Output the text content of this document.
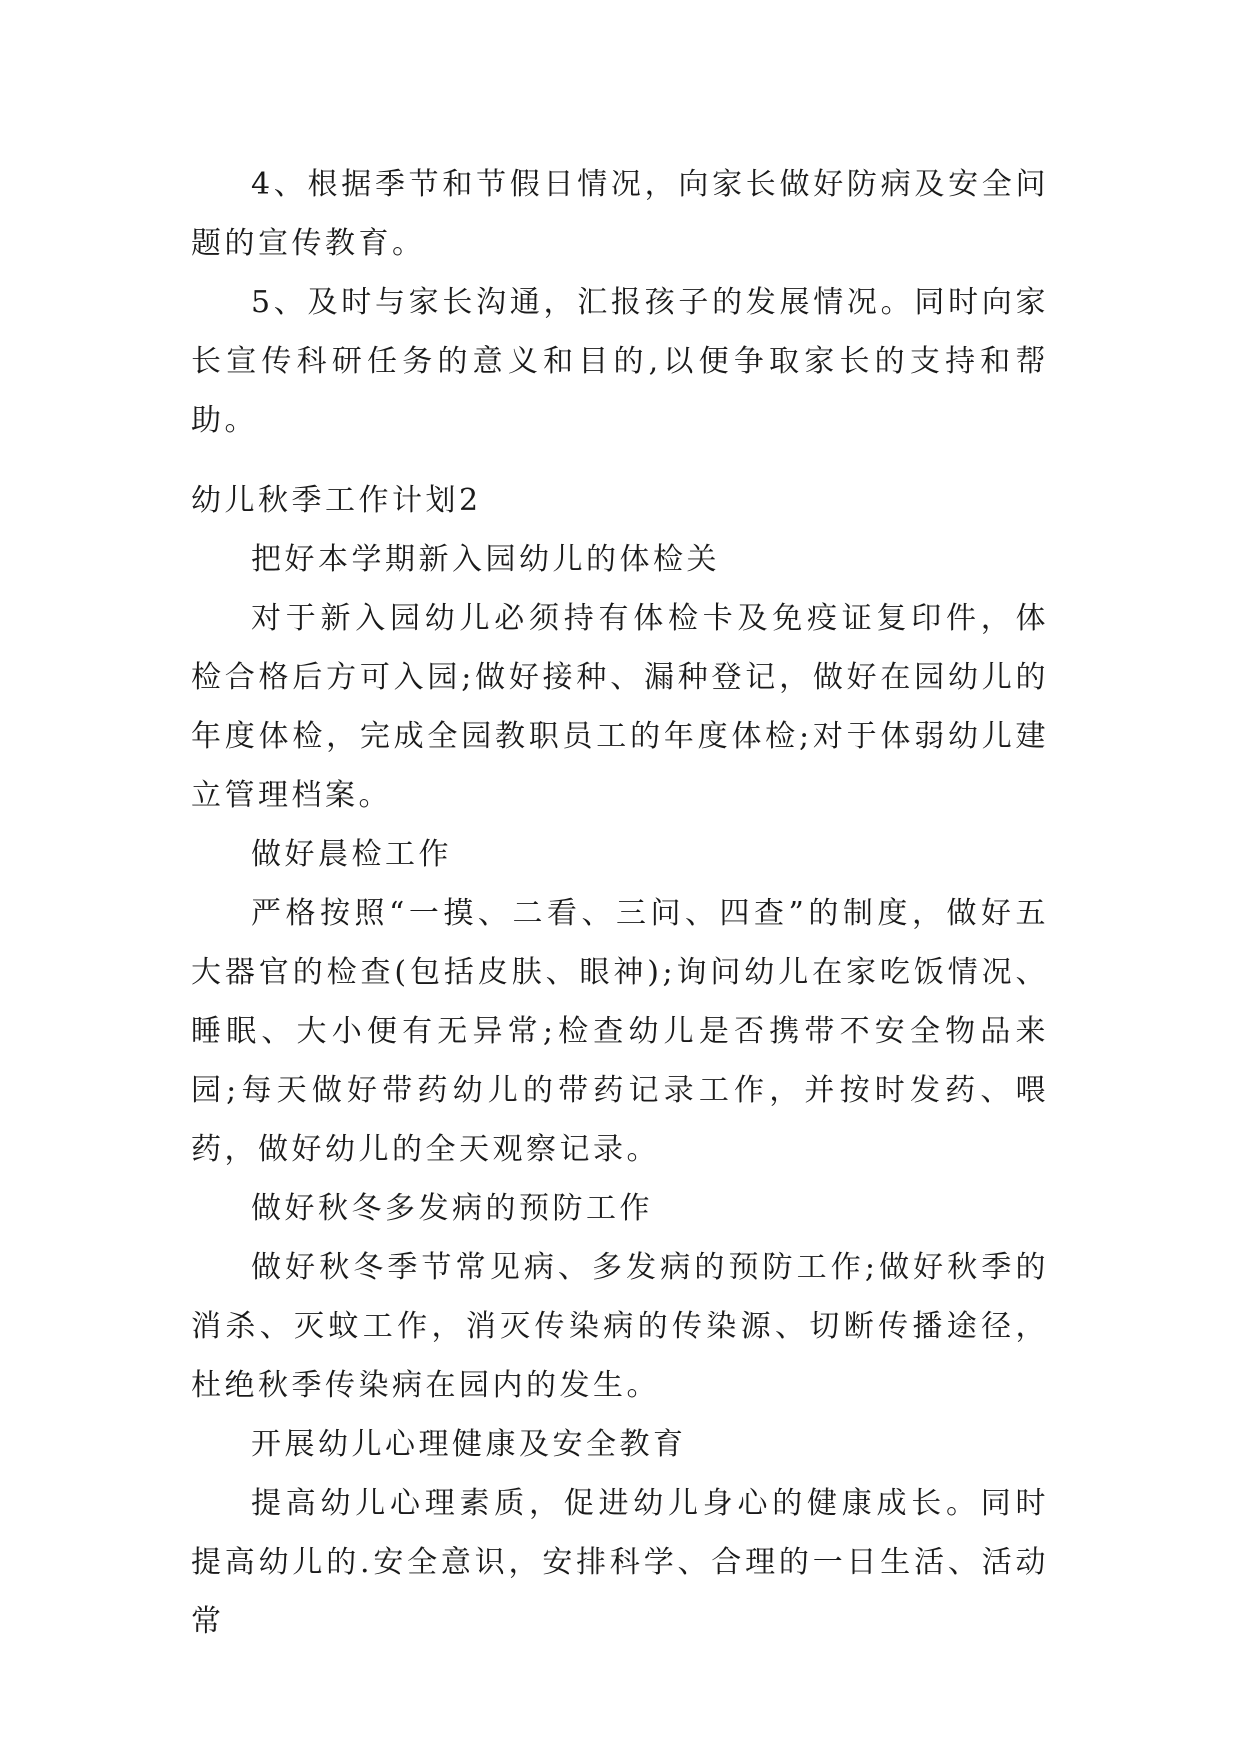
4、根据季节和节假日情况，向家长做好防病及安全问题的宣传教育。

5、及时与家长沟通，汇报孩子的发展情况。同时向家长宣传科研任务的意义和目的,以便争取家长的支持和帮助。

幼儿秋季工作计划2

把好本学期新入园幼儿的体检关

对于新入园幼儿必须持有体检卡及免疫证复印件，体检合格后方可入园;做好接种、漏种登记，做好在园幼儿的年度体检，完成全园教职员工的年度体检;对于体弱幼儿建立管理档案。

做好晨检工作

严格按照“一摸、二看、三问、四查”的制度，做好五大器官的检查(包括皮肤、眼神);询问幼儿在家吃饭情况、睡眠、大小便有无异常;检查幼儿是否携带不安全物品来园;每天做好带药幼儿的带药记录工作，并按时发药、喂药，做好幼儿的全天观察记录。

做好秋冬多发病的预防工作

做好秋冬季节常见病、多发病的预防工作;做好秋季的消杀、灭蚊工作，消灭传染病的传染源、切断传播途径，杜绝秋季传染病在园内的发生。

开展幼儿心理健康及安全教育

提高幼儿心理素质，促进幼儿身心的健康成长。同时提高幼儿的.安全意识，安排科学、合理的一日生活、活动常
